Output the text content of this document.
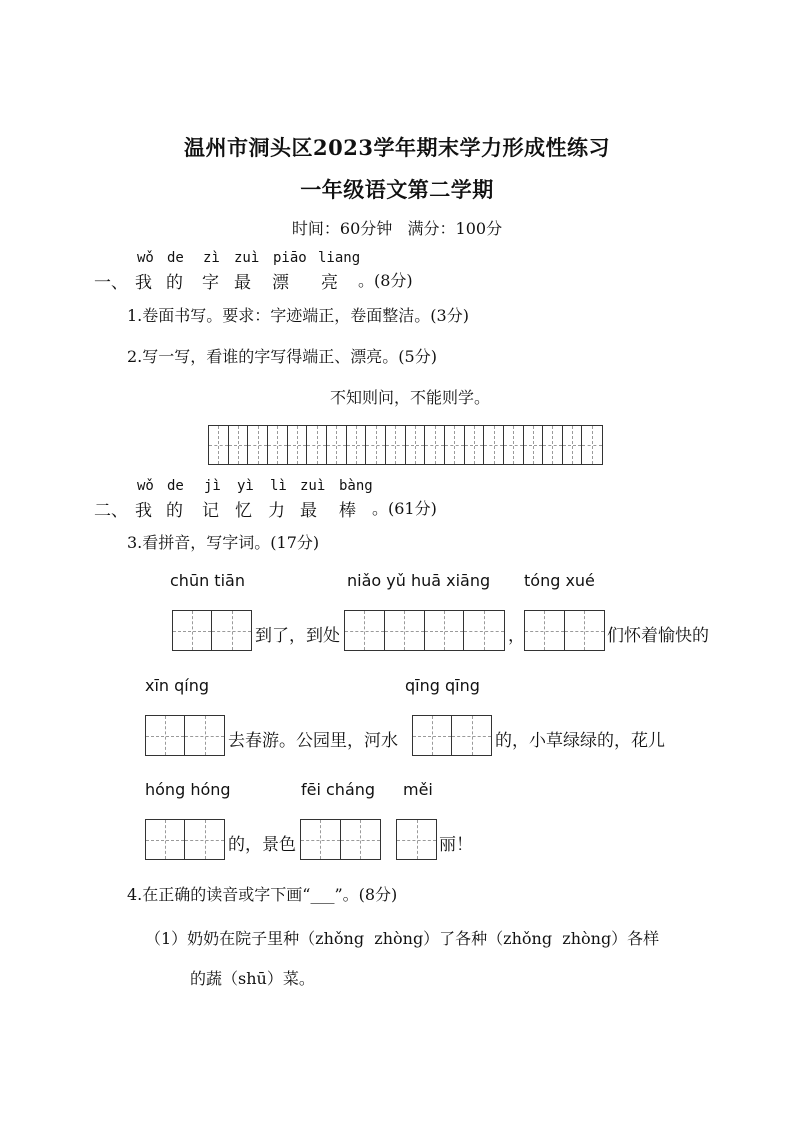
温州市洞头区2023学年期末学力形成性练习
一年级语文第二学期
时间：60分钟   满分：100分
一、
wǒ de zì zuì piāo liang
我 的 字 最 漂 亮 。(8分)
1.卷面书写。要求：字迹端正，卷面整洁。(3分)
2.写一写，看谁的字写得端正、漂亮。(5分)
不知则问，不能则学。
二、
wǒ de jì yì lì zuì bàng
我 的 记 忆 力 最 棒 。(61分)
3.看拼音，写字词。(17分)
chūn tiān	niǎo yǔ huā xiāng tóng xué
到了，到处	，	们怀着愉快的
xīn qíng	qīng qīng
去春游。公园里，河水	的，小草绿绿的，花儿
hóng hóng	fēi cháng měi
的，景色	丽！
4.在正确的读音或字下画“___”。(8分)
（1）奶奶在院子里种（zhǒng  zhòng）了各种（zhǒng  zhòng）各样
的蔬（shū）菜。
